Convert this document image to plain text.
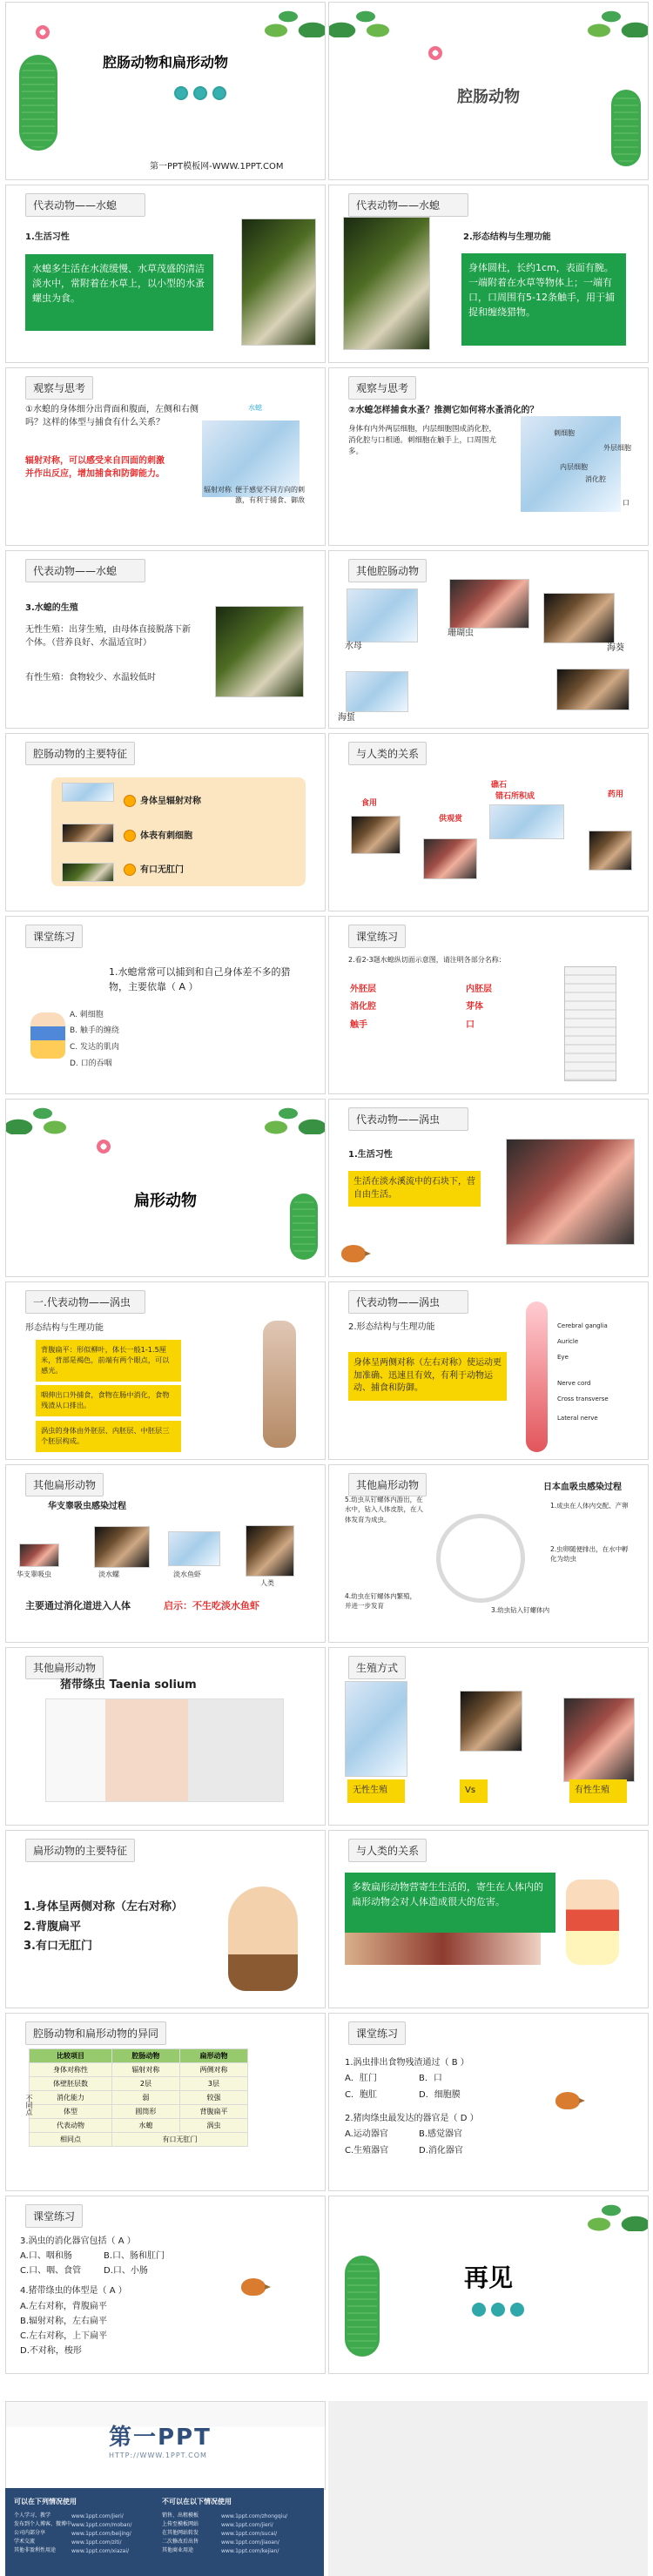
腔肠动物和扁形动物
第一PPT模板网-WWW.1PPT.COM
腔肠动物
代表动物——水螅
1.生活习性
水螅多生活在水流缓慢、水草茂盛的清洁淡水中，常附着在水草上，以小型的水蚤螺虫为食。
代表动物——水螅
2.形态结构与生理功能
身体圆柱，长约1cm，表面有腕。一端附着在水草等物体上；一端有口，口周围有5-12条触手，用于捕捉和缠绕猎物。
观察与思考
①水螅的身体细分出背面和腹面，左侧和右侧吗？这样的体型与捕食有什么关系？
辐射对称，可以感受来自四面的刺激并作出反应，增加捕食和防御能力。
辐射对称 便于感觉不同方向的刺激，有利于捕食、御敌
水螅
观察与思考
②水螅怎样捕食水蚤？推测它如何将水蚤消化的？
身体有内外两层细胞，内层细胞围成消化腔，消化腔与口相通。刺细胞在触手上，口周围尤多。
刺细胞
内层细胞
外层细胞
消化腔
口
代表动物——水螅
3.水螅的生殖
无性生殖：出芽生殖，由母体直接脱落下新个体。（营养良好、水温适宜时）
有性生殖：食物较少、水温较低时
其他腔肠动物
水母
珊瑚虫
海葵
海蜇
腔肠动物的主要特征
身体呈辐射对称
体表有刺细胞
有口无肛门
与人类的关系
食用
供观赏
礁石
错石所积成	药用
课堂练习
1.水螅常常可以捕到和自己身体差不多的猎物，主要依靠（ A ）
A. 刺细胞
B. 触手的缠绕
C. 发达的肌肉
D. 口的吞咽
课堂练习
2.看2-3题水螅纵切面示意图，请注明各部分名称：
外胚层
消化腔
触手
内胚层
芽体
口
扁形动物
代表动物——涡虫
1.生活习性
生活在淡水溪流中的石块下，营自由生活。
一.代表动物——涡虫
形态结构与生理功能
背腹扁平：形似柳叶，体长一般1-1.5厘米，背部是褐色，前端有两个眼点，可以感光。
咽伸出口外捕食，食物在肠中消化，食物残渣从口排出。
涡虫的身体由外胚层、内胚层、中胚层三个胚层构成。
代表动物——涡虫
2.形态结构与生理功能
身体呈两侧对称（左右对称）使运动更加准确、迅速且有效，有利于动物运动、捕食和防御。
Cerebral ganglia
Auricle
Eye
Nerve cord
Cross transverse
Lateral nerve
其他扁形动物
华支睾吸虫感染过程
华支睾吸虫	淡水螺	淡水鱼虾
人类
主要通过消化道进入人体	启示：不生吃淡水鱼虾
其他扁形动物	日本血吸虫感染过程
5.幼虫从钉螺体内游出，在水中，钻入人体皮肤，在人体发育为成虫。
1.成虫在人体内交配、产卵
2.虫卵随便排出，在水中孵化为幼虫
3.幼虫钻入钉螺体内
4.幼虫在钉螺体内繁殖，并进一步发育
其他扁形动物
猪带绦虫 Taenia solium
生殖方式
无性生殖	Vs	有性生殖
扁形动物的主要特征
1.身体呈两侧对称（左右对称）
2.背腹扁平
3.有口无肛门
与人类的关系
多数扁形动物营寄生生活的，寄生在人体内的扁形动物会对人体造成很大的危害。
腔肠动物和扁形动物的异同
比较项目	腔肠动物	扁形动物
身体对称性	辐射对称	两侧对称
体壁胚层数	2层	3层
消化能力	弱	较强
体型	圆筒形	背腹扁平
代表动物	水螅	涡虫
相同点	有口无肛门	
不同点
课堂练习
1.涡虫排出食物残渣通过（ B ）
A．肛门	B．口
C．胞肛	D．细胞膜
2.猪肉绦虫最发达的器官是（ D ）
A.运动器官	B.感觉器官
C.生殖器官	D.消化器官
课堂练习
3.涡虫的消化器官包括（ A ）
A.口、咽和肠	B.口、肠和肛门
C.口、咽、食管	D.口、小肠
4.猪带绦虫的体型是（ A ）
A.左右对称，背腹扁平
B.辐射对称，左右扁平
C.左右对称，上下扁平
D.不对称，梭形
再见
第一PPT
HTTP://WWW.1PPT.COM
可以在下列情况使用	不可以在以下情况使用
个人学习、教学
发布到个人博客、微博中
公司内部分享
学术交流
其他非盈利性用途
销售、出租模板
上传至模板网站
在其他网站转发
二次修改后出售
其他商业用途
www.1ppt.com/jieri/
www.1ppt.com/moban/
www.1ppt.com/beijing/
www.1ppt.com/ziti/
www.1ppt.com/xiazai/
www.1ppt.com/zhongqiu/
www.1ppt.com/jieri/
www.1ppt.com/sucai/
www.1ppt.com/jiaoan/
www.1ppt.com/kejian/
